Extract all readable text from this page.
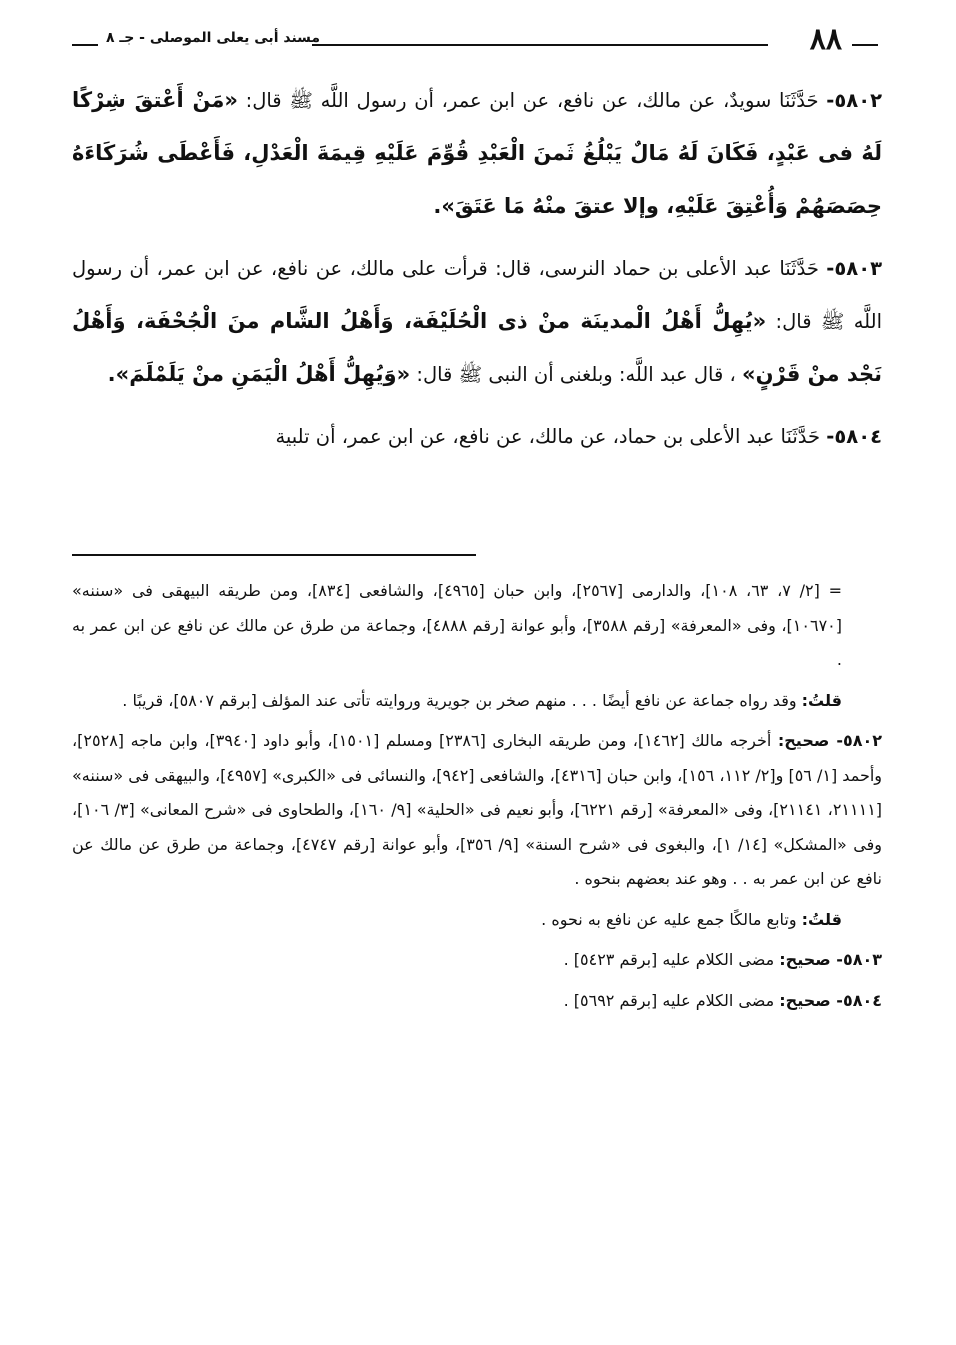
٨٨
مسند أبى يعلى الموصلى - جـ ٨

٥٨٠٢- حَدَّثَنَا سويدٌ، عن مالك، عن نافع، عن ابن عمر، أن رسول اللَّه ﷺ قال: «مَنْ أَعْتقَ شِرْكًا لَهُ فى عَبْدٍ، فَكَانَ لَهُ مَالٌ يَبْلُغُ ثَمنَ الْعَبْدِ قُوِّمَ عَلَيْهِ قِيمَةَ الْعَدْلِ، فَأَعْطَى شُرَكَاءَهُ حِصَصَهُمْ وَأُعْتِقَ عَلَيْهِ، وإلا عتقَ منْهُ مَا عَتَقَ».

٥٨٠٣- حَدَّثَنَا عبد الأعلى بن حماد النرسى، قال: قرأت على مالك، عن نافع، عن ابن عمر، أن رسول اللَّه ﷺ قال: «يُهِلُّ أَهْلُ الْمدينَة منْ ذى الْحُلَيْفَة، وَأَهْلُ الشَّام منَ الْجُحْفَة، وَأَهْلُ نَجْد منْ قَرْنٍ» ، قال عبد اللَّه: وبلغنى أن النبى ﷺ قال: «وَيُهِلُّ أَهْلُ الْيَمَنِ منْ يَلَمْلَمَ».

٥٨٠٤- حَدَّثَنَا عبد الأعلى بن حماد، عن مالك، عن نافع، عن ابن عمر، أن تلبية

= [٢/ ٧، ٦٣، ١٠٨]، والدارمى [٢٥٦٧]، وابن حبان [٤٩٦٥]، والشافعى [٨٣٤]، ومن طريقه البيهقى فى «سننه» [١٠٦٧٠]، وفى «المعرفة» [رقم ٣٥٨٨]، وأبو عوانة [رقم ٤٨٨٨]، وجماعة من طرق عن مالك عن نافع عن ابن عمر به .

قلتُ: وقد رواه جماعة عن نافع أيضًا . . . منهم صخر بن جويرية وروايته تأتى عند المؤلف [برقم ٥٨٠٧]، قريبًا .

٥٨٠٢- صحيح: أخرجه مالك [١٤٦٢]، ومن طريقه البخارى [٢٣٨٦] ومسلم [١٥٠١]، وأبو داود [٣٩٤٠]، وابن ماجه [٢٥٢٨]، وأحمد [١/ ٥٦] و[٢/ ١١٢، ١٥٦]، وابن حبان [٤٣١٦]، والشافعى [٩٤٢]، والنسائى فى «الكبرى» [٤٩٥٧]، والبيهقى فى «سننه» [٢١١١١، ٢١١٤١]، وفى «المعرفة» [رقم ٦٢٢١]، وأبو نعيم فى «الحلية» [٩/ ١٦٠]، والطحاوى فى «شرح المعانى» [٣/ ١٠٦]، وفى «المشكل» [١٤/ ١]، والبغوى فى «شرح السنة» [٩/ ٣٥٦]، وأبو عوانة [رقم ٤٧٤٧]، وجماعة من طرق عن مالك عن نافع عن ابن عمر به . . وهو عند بعضهم بنحوه .

قلتُ: وتابع مالكًا جمع عليه عن نافع به نحوه .

٥٨٠٣- صحيح: مضى الكلام عليه [برقم ٥٤٢٣] .

٥٨٠٤- صحيح: مضى الكلام عليه [برقم ٥٦٩٢] .
